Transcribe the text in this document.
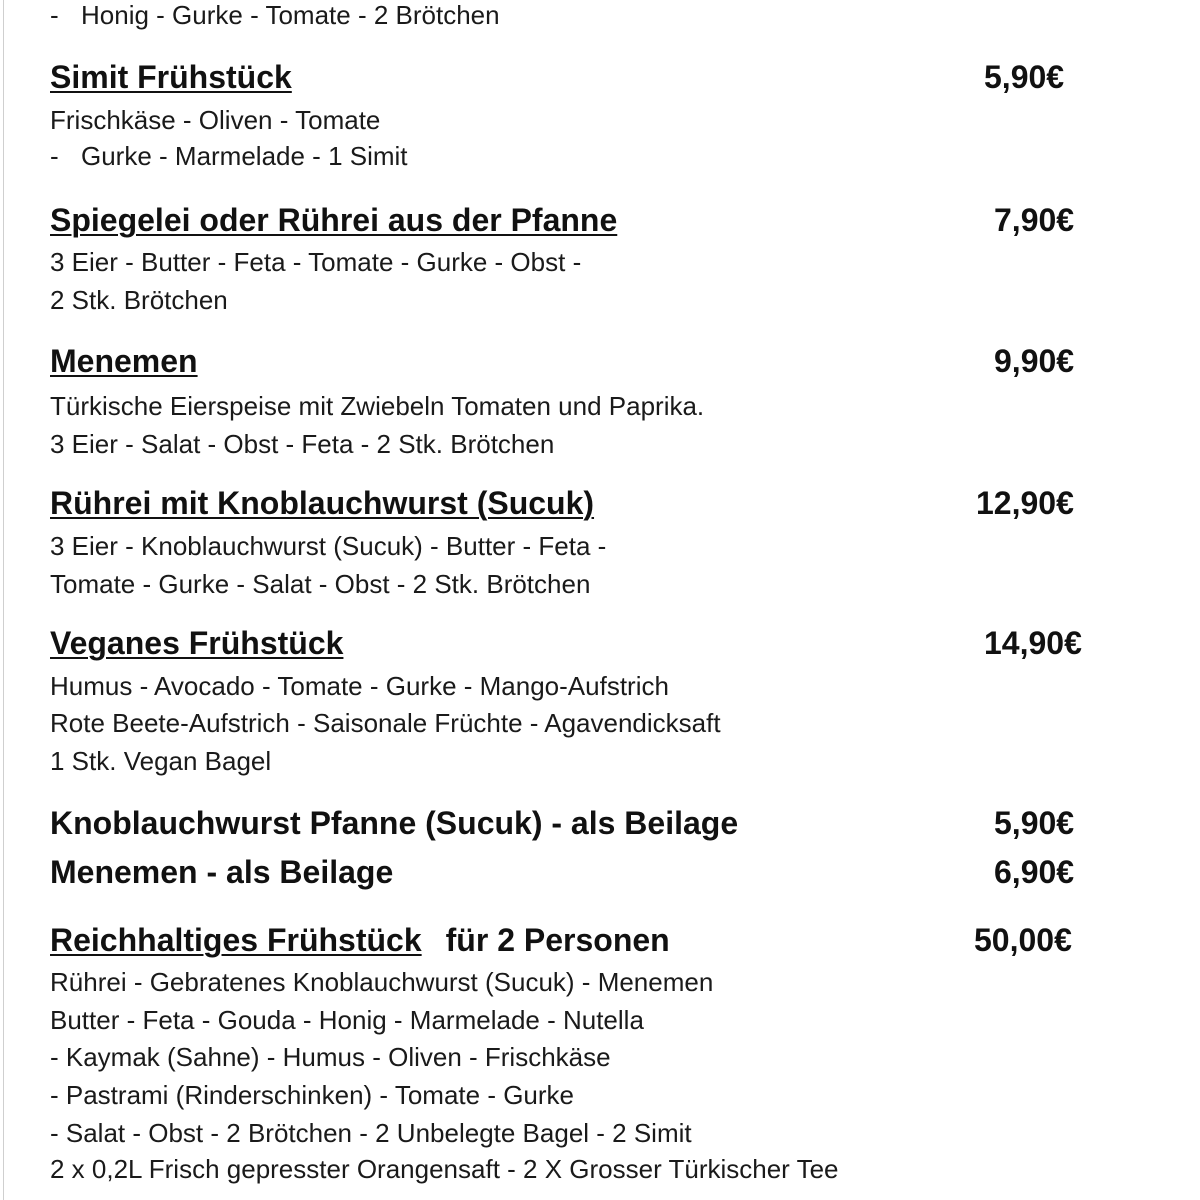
- Honig - Gurke - Tomate - 2 Brötchen
Simit Frühstück	5,90€
Frischkäse - Oliven - Tomate
- Gurke - Marmelade - 1 Simit
Spiegelei oder Rührei aus der Pfanne	7,90€
3 Eier - Butter - Feta - Tomate - Gurke - Obst -
2 Stk. Brötchen
Menemen	9,90€
Türkische Eierspeise mit Zwiebeln Tomaten und Paprika.
3 Eier - Salat - Obst - Feta - 2 Stk. Brötchen
Rührei mit Knoblauchwurst (Sucuk)	12,90€
3 Eier - Knoblauchwurst (Sucuk) - Butter - Feta -
Tomate - Gurke - Salat - Obst - 2 Stk. Brötchen
Veganes Frühstück	14,90€
Humus - Avocado - Tomate - Gurke - Mango-Aufstrich
Rote Beete-Aufstrich - Saisonale Früchte - Agavendicksaft
1 Stk. Vegan Bagel
Knoblauchwurst Pfanne (Sucuk) - als Beilage	5,90€
Menemen - als Beilage	6,90€
Reichhaltiges Frühstück für 2 Personen	50,00€
Rührei - Gebratenes Knoblauchwurst (Sucuk) - Menemen
Butter - Feta - Gouda - Honig - Marmelade - Nutella
- Kaymak (Sahne) - Humus - Oliven - Frischkäse
- Pastrami (Rinderschinken) - Tomate - Gurke
- Salat - Obst - 2 Brötchen - 2 Unbelegte Bagel - 2 Simit
2 x 0,2L Frisch gepresster Orangensaft - 2 X Grosser Türkischer Tee
